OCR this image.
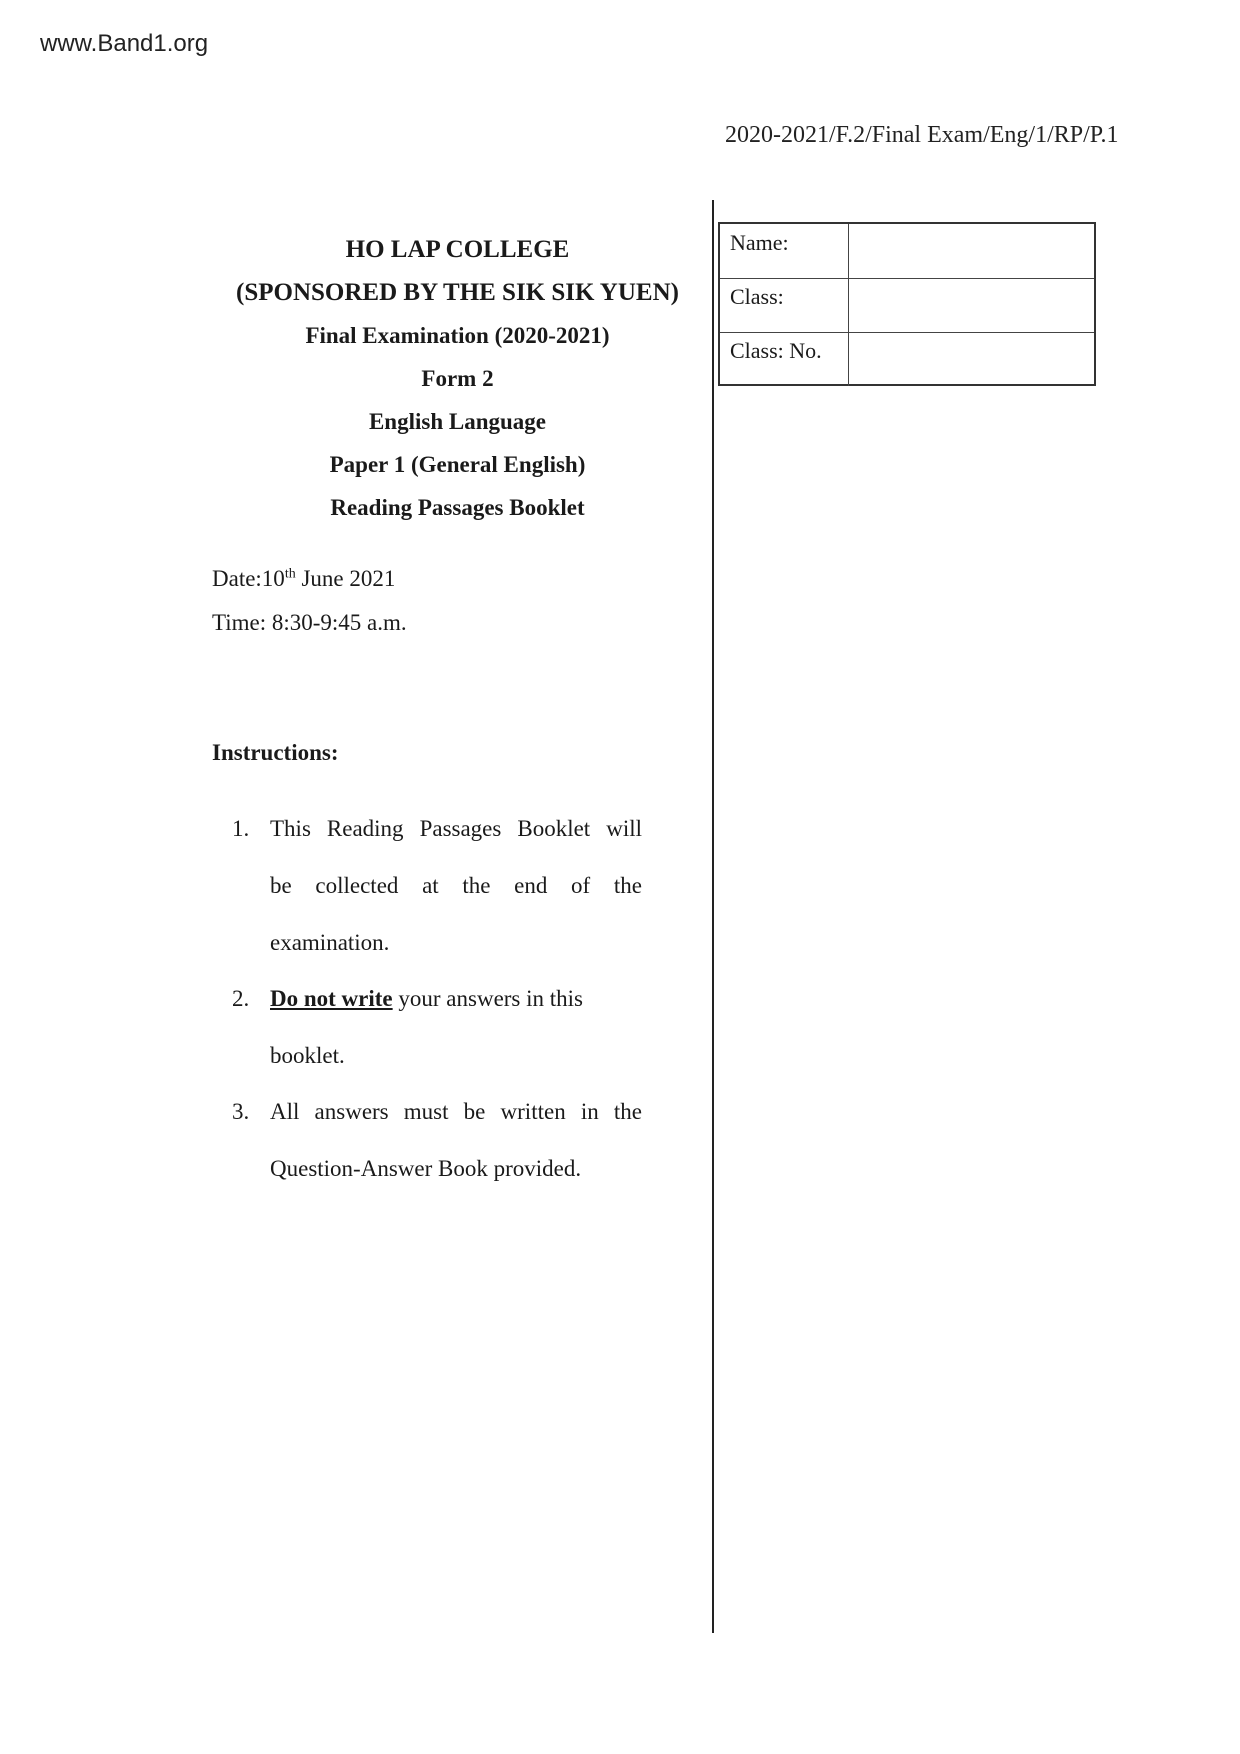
www.Band1.org
2020-2021/F.2/Final Exam/Eng/1/RP/P.1
HO LAP COLLEGE
(SPONSORED BY THE SIK SIK YUEN)
Final Examination (2020-2021)
Form 2
English Language
Paper 1 (General English)
Reading Passages Booklet
Date:10th June 2021
Time: 8:30-9:45 a.m.
Instructions:
1. This Reading Passages Booklet will
be collected at the end of the
examination.
2. Do not write your answers in this
booklet.
3. All answers must be written in the
Question-Answer Book provided.
Name:
Class:
Class: No.
